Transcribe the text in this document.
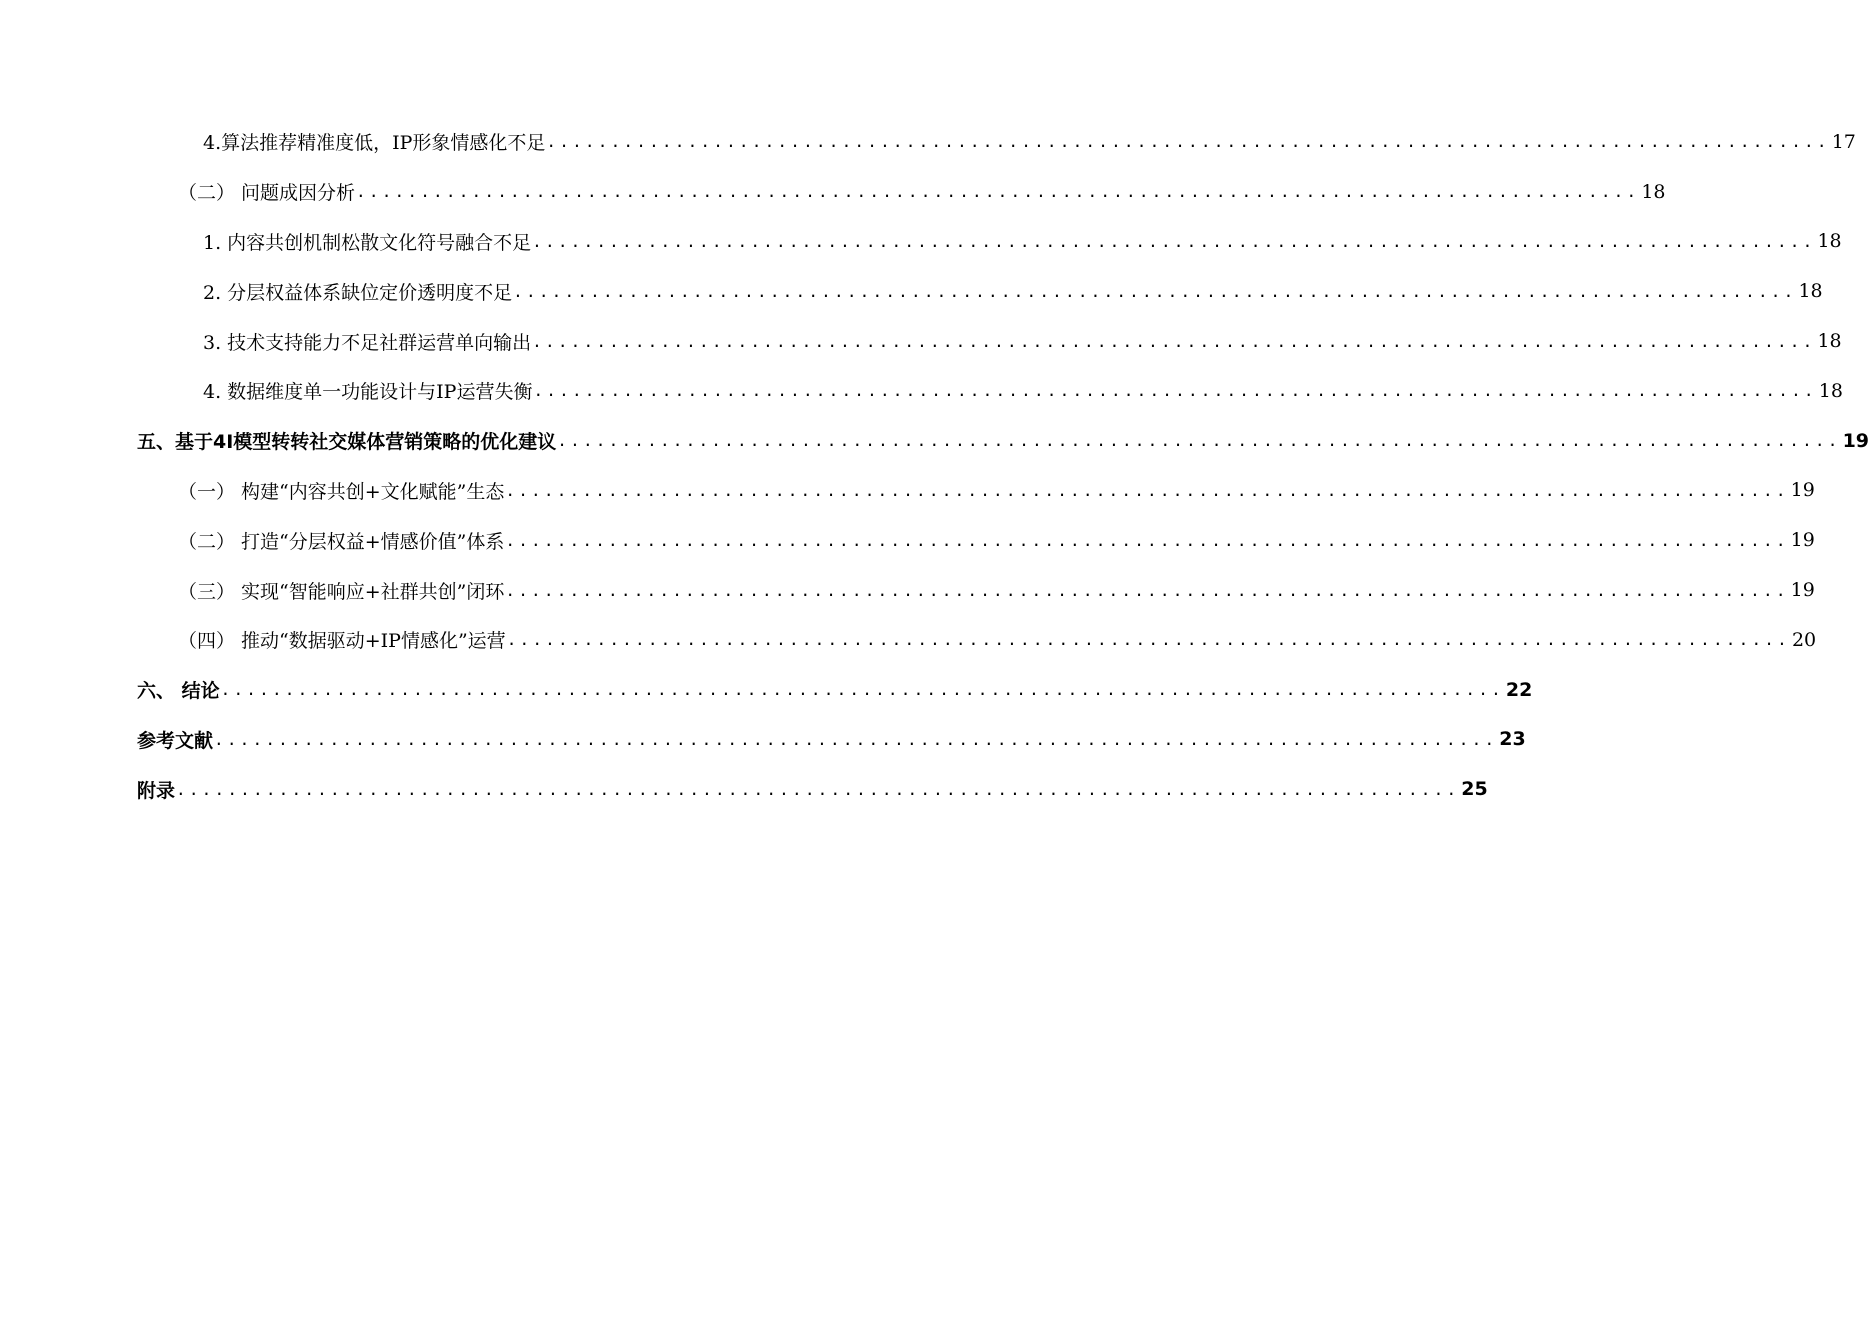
4.算法推荐精准度低，IP形象情感化不足 .................................................................................................... 17
（二） 问题成因分析 .................................................................................................... 18
1. 内容共创机制松散文化符号融合不足 .................................................................................................... 18
2. 分层权益体系缺位定价透明度不足 .................................................................................................... 18
3. 技术支持能力不足社群运营单向输出 .................................................................................................... 18
4. 数据维度单一功能设计与IP运营失衡 .................................................................................................... 18
五、基于4I模型转转社交媒体营销策略的优化建议 .................................................................................................... 19
（一） 构建“内容共创+文化赋能”生态 .................................................................................................... 19
（二） 打造“分层权益+情感价值”体系 .................................................................................................... 19
（三） 实现“智能响应+社群共创”闭环 .................................................................................................... 19
（四） 推动“数据驱动+IP情感化”运营 .................................................................................................... 20
六、 结论 .................................................................................................... 22
参考文献 .................................................................................................... 23
附录 .................................................................................................... 25
